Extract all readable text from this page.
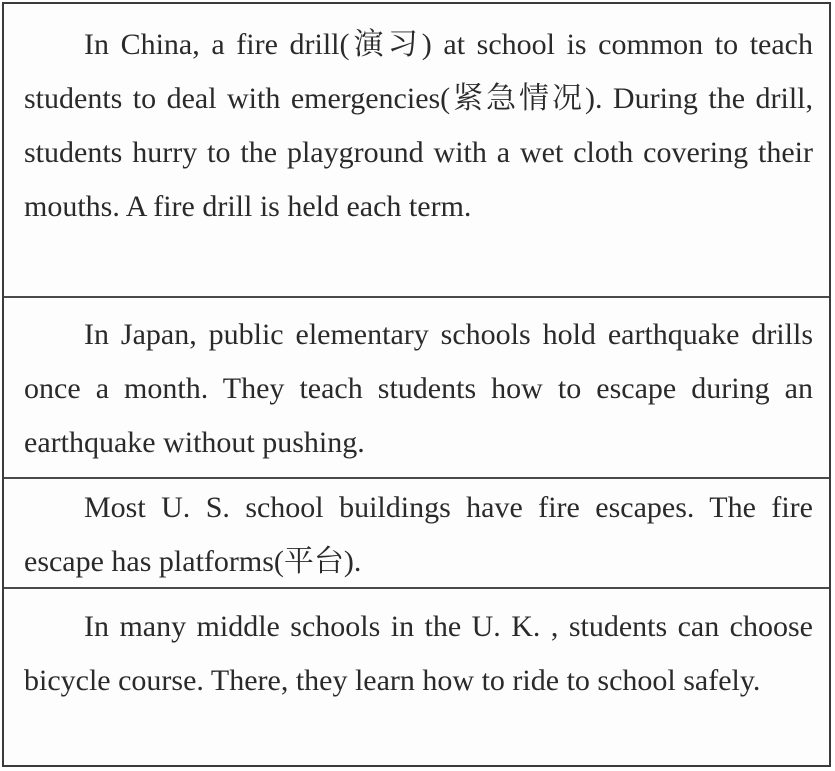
In China, a fire drill(演习) at school is common to teach students to deal with emergencies(紧急情况). During the drill, students hurry to the playground with a wet cloth covering their mouths. A fire drill is held each term.
In Japan, public elementary schools hold earthquake drills once a month. They teach students how to escape during an earthquake without pushing.
Most U. S. school buildings have fire escapes. The fire escape has platforms(平台).
In many middle schools in the U. K. , students can choose bicycle course. There, they learn how to ride to school safely.
